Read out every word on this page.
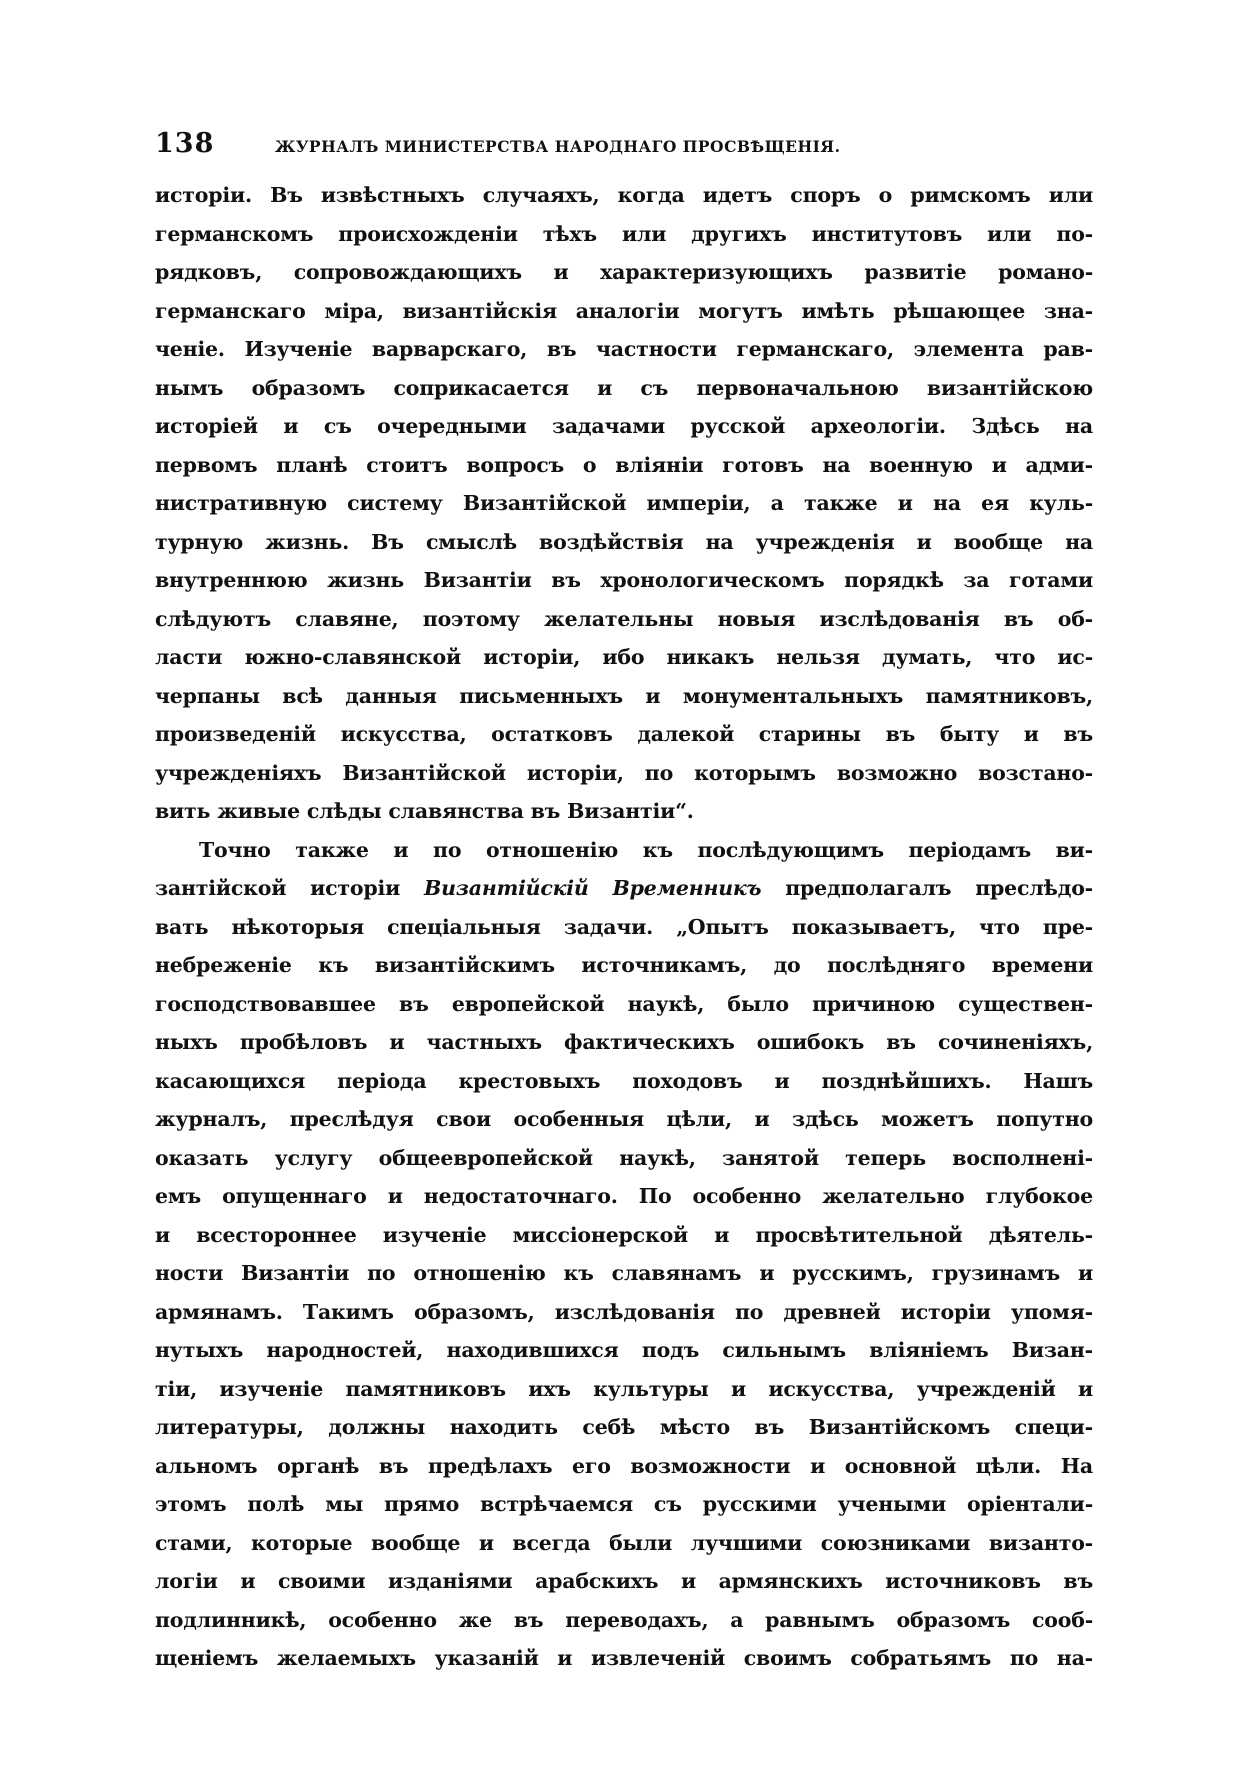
138	ЖУРНАЛЪ МИНИСТЕРСТВА НАРОДНАГО ПРОСВѢЩЕНІЯ.
исторіи. Въ извѣстныхъ случаяхъ, когда идетъ споръ о римскомъ или
германскомъ происхожденіи тѣхъ или другихъ институтовъ или по-
рядковъ, сопровождающихъ и характеризующихъ развитіе романо-
германскаго міра, византійскія аналогіи могутъ имѣть рѣшающее зна-
ченіе. Изученіе варварскаго, въ частности германскаго, элемента рав-
нымъ образомъ соприкасается и съ первоначальною византійскою
исторіей и съ очередными задачами русской археологіи. Здѣсь на
первомъ планѣ стоитъ вопросъ о вліяніи готовъ на военную и адми-
нистративную систему Византійской имперіи, а также и на ея куль-
турную жизнь. Въ смыслѣ воздѣйствія на учрежденія и вообще на
внутреннюю жизнь Византіи въ хронологическомъ порядкѣ за готами
слѣдуютъ славяне, поэтому желательны новыя изслѣдованія въ об-
ласти южно-славянской исторіи, ибо никакъ нельзя думать, что ис-
черпаны всѣ данныя письменныхъ и монументальныхъ памятниковъ,
произведеній искусства, остатковъ далекой старины въ быту и въ
учрежденіяхъ Византійской исторіи, по которымъ возможно возстано-
вить живые слѣды славянства въ Византіи“.
Точно также и по отношенію къ послѣдующимъ періодамъ ви-
зантійской исторіи Византійскій Временникъ предполагалъ преслѣдо-
вать нѣкоторыя спеціальныя задачи. „Опытъ показываетъ, что пре-
небреженіе къ византійскимъ источникамъ, до послѣдняго времени
господствовавшее въ европейской наукѣ, было причиною существен-
ныхъ пробѣловъ и частныхъ фактическихъ ошибокъ въ сочиненіяхъ,
касающихся періода крестовыхъ походовъ и позднѣйшихъ. Нашъ
журналъ, преслѣдуя свои особенныя цѣли, и здѣсь можетъ попутно
оказать услугу общеевропейской наукѣ, занятой теперь восполненi-
емъ опущеннаго и недостаточнаго. По особенно желательно глубокое
и всестороннее изученіе миссіонерской и просвѣтительной дѣятель-
ности Византіи по отношенію къ славянамъ и русскимъ, грузинамъ и
армянамъ. Такимъ образомъ, изслѣдованія по древней исторіи упомя-
нутыхъ народностей, находившихся подъ сильнымъ вліяніемъ Визан-
тіи, изученіе памятниковъ ихъ культуры и искусства, учрежденій и
литературы, должны находить себѣ мѣсто въ Византійскомъ специ-
альномъ органѣ въ предѣлахъ его возможности и основной цѣли. На
этомъ полѣ мы прямо встрѣчаемся съ русскими учеными оріентали-
стами, которые вообще и всегда были лучшими союзниками византо-
логіи и своими изданіями арабскихъ и армянскихъ источниковъ въ
подлинникѣ, особенно же въ переводахъ, а равнымъ образомъ сооб-
щеніемъ желаемыхъ указаній и извлеченій своимъ собратьямъ по на-
